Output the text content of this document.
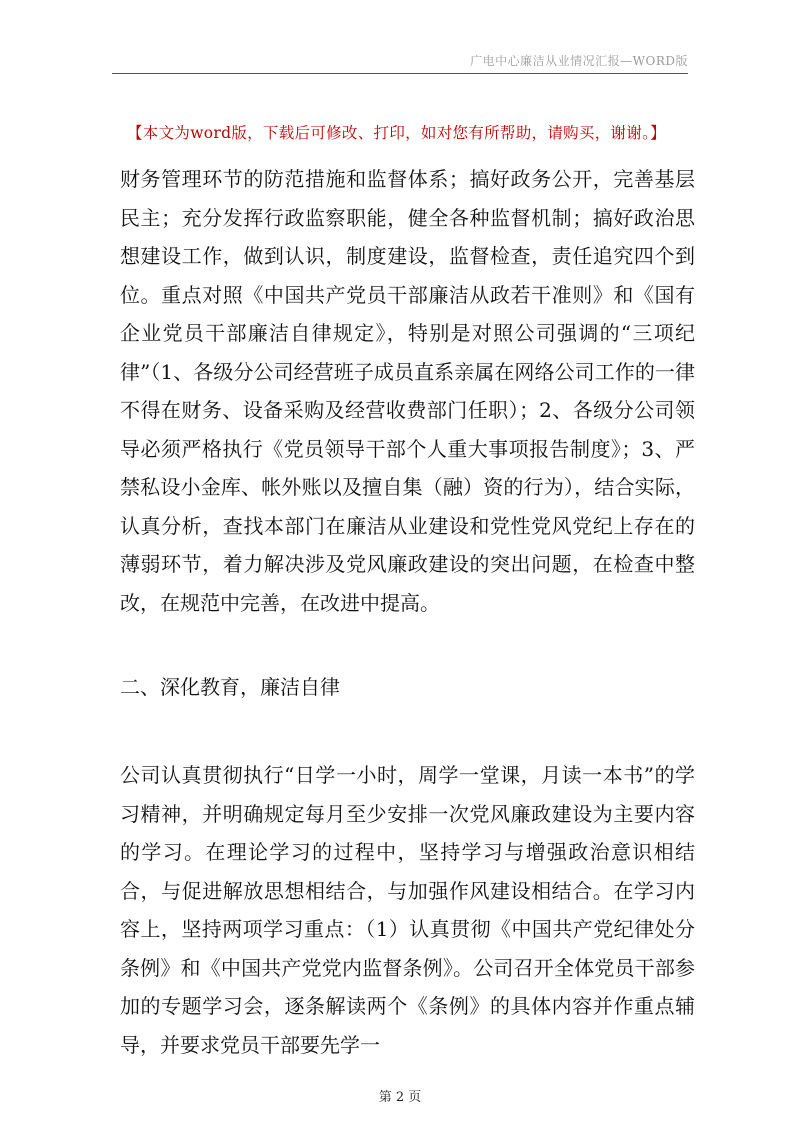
广电中心廉洁从业情况汇报—WORD版
【本文为word版，下载后可修改、打印，如对您有所帮助，请购买，谢谢。】
财务管理环节的防范措施和监督体系；搞好政务公开，完善基层民主；充分发挥行政监察职能，健全各种监督机制；搞好政治思想建设工作，做到认识，制度建设，监督检查，责任追究四个到位。重点对照《中国共产党员干部廉洁从政若干准则》和《国有企业党员干部廉洁自律规定》，特别是对照公司强调的“三项纪律”（1、各级分公司经营班子成员直系亲属在网络公司工作的一律不得在财务、设备采购及经营收费部门任职）；2、各级分公司领导必须严格执行《党员领导干部个人重大事项报告制度》；3、严禁私设小金库、帐外账以及擅自集（融）资的行为），结合实际，认真分析，查找本部门在廉洁从业建设和党性党风党纪上存在的薄弱环节，着力解决涉及党风廉政建设的突出问题，在检查中整改，在规范中完善，在改进中提高。
二、深化教育，廉洁自律
公司认真贯彻执行“日学一小时，周学一堂课，月读一本书”的学习精神，并明确规定每月至少安排一次党风廉政建设为主要内容的学习。在理论学习的过程中，坚持学习与增强政治意识相结合，与促进解放思想相结合，与加强作风建设相结合。在学习内容上，坚持两项学习重点：（1）认真贯彻《中国共产党纪律处分条例》和《中国共产党党内监督条例》。公司召开全体党员干部参加的专题学习会，逐条解读两个《条例》的具体内容并作重点辅导，并要求党员干部要先学一
第 2 页
